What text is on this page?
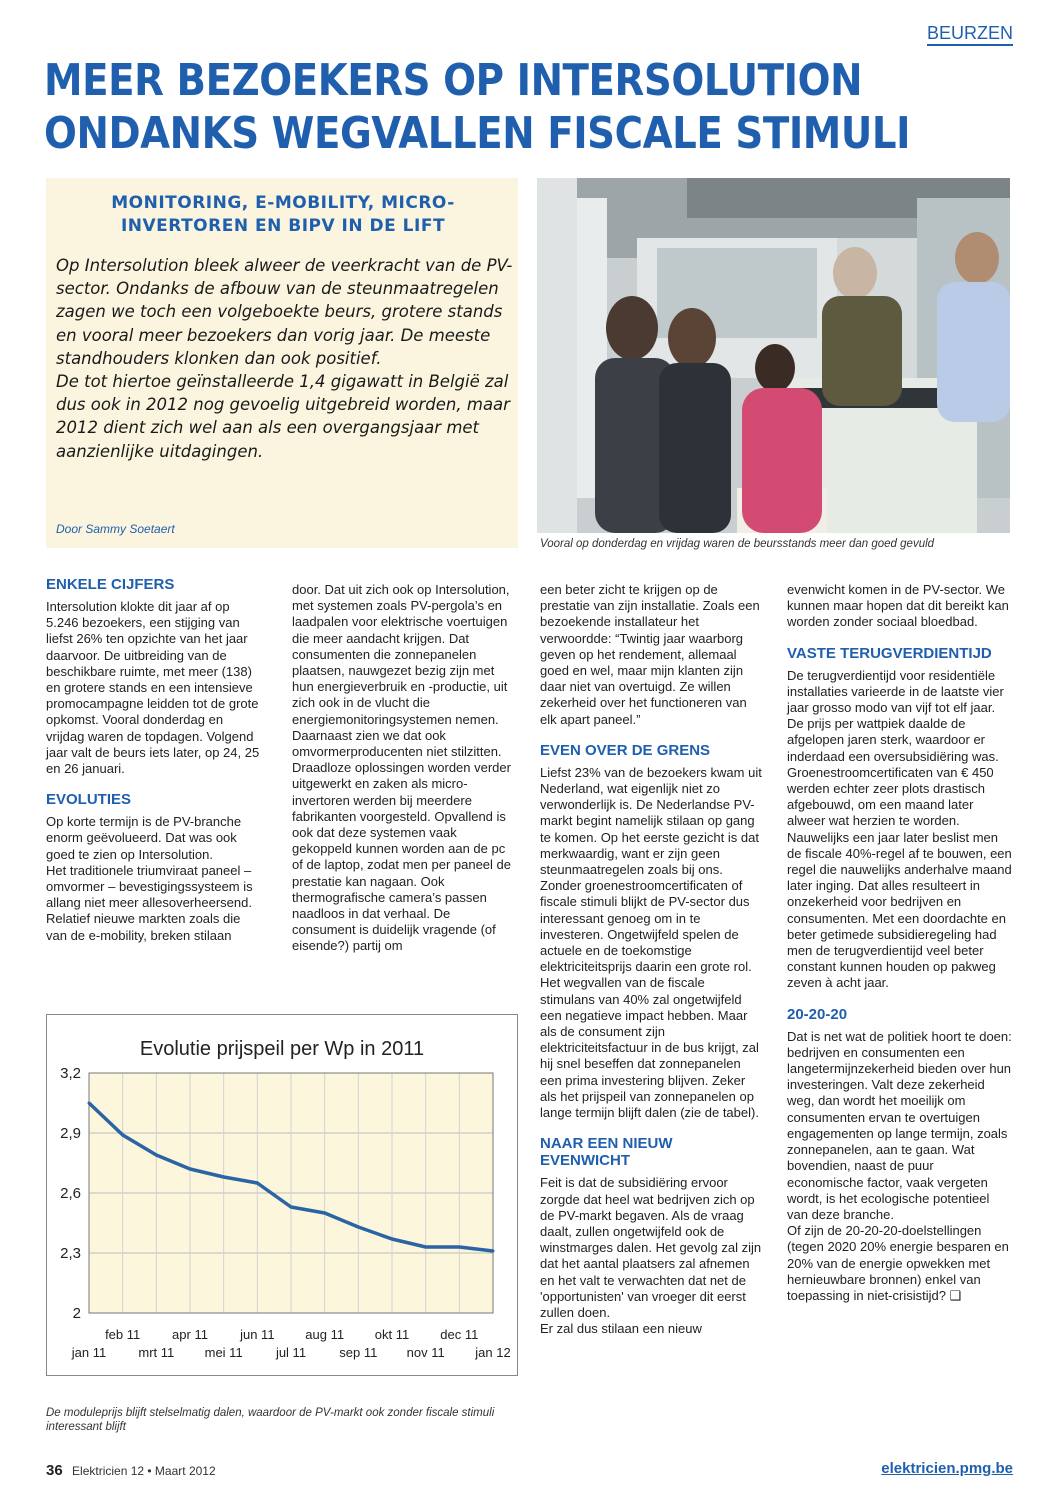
BEURZEN
MEER BEZOEKERS OP INTERSOLUTION
ONDANKS WEGVALLEN FISCALE STIMULI
MONITORING, E-MOBILITY, MICRO-INVERTOREN EN BIPV IN DE LIFT

Op Intersolution bleek alweer de veerkracht van de PV-sector. Ondanks de afbouw van de steunmaatregelen zagen we toch een volgeboekte beurs, grotere stands en vooral meer bezoekers dan vorig jaar. De meeste standhouders klonken dan ook positief.
De tot hiertoe geïnstalleerde 1,4 gigawatt in België zal dus ook in 2012 nog gevoelig uitgebreid worden, maar 2012 dient zich wel aan als een overgangsjaar met aanzienlijke uitdagingen.

Door Sammy Soetaert
Vooral op donderdag en vrijdag waren de beursstands meer dan goed gevuld
ENKELE CIJFERS

Intersolution klokte dit jaar af op 5.246 bezoekers, een stijging van liefst 26% ten opzichte van het jaar daarvoor. De uitbreiding van de beschikbare ruimte, met meer (138) en grotere stands en een intensieve promocampagne leidden tot de grote opkomst. Vooral donderdag en vrijdag waren de topdagen. Volgend jaar valt de beurs iets later, op 24, 25 en 26 januari.

EVOLUTIES

Op korte termijn is de PV-branche enorm geëvolueerd. Dat was ook goed te zien op Intersolution.
Het traditionele triumviraat paneel – omvormer – bevestigingssysteem is allang niet meer allesoverheersend. Relatief nieuwe markten zoals die van de e-mobility, breken stilaan

door. Dat uit zich ook op Intersolution, met systemen zoals PV-pergola’s en laadpalen voor elektrische voertuigen die meer aandacht krijgen. Dat consumenten die zonnepanelen plaatsen, nauwgezet bezig zijn met hun energieverbruik en -productie, uit zich ook in de vlucht die energiemonitoringsystemen nemen. Daarnaast zien we dat ook omvormerproducenten niet stilzitten. Draadloze oplossingen worden verder uitgewerkt en zaken als micro-invertoren werden bij meerdere fabrikanten voorgesteld. Opvallend is ook dat deze systemen vaak gekoppeld kunnen worden aan de pc of de laptop, zodat men per paneel de prestatie kan nagaan. Ook thermografische camera’s passen naadloos in dat verhaal. De consument is duidelijk vragende (of eisende?) partij om

een beter zicht te krijgen op de prestatie van zijn installatie. Zoals een bezoekende installateur het verwoordde: “Twintig jaar waarborg geven op het rendement, allemaal goed en wel, maar mijn klanten zijn daar niet van overtuigd. Ze willen zekerheid over het functioneren van elk apart paneel.”

EVEN OVER DE GRENS

Liefst 23% van de bezoekers kwam uit Nederland, wat eigenlijk niet zo verwonderlijk is. De Nederlandse PV-markt begint namelijk stilaan op gang te komen. Op het eerste gezicht is dat merkwaardig, want er zijn geen steunmaatregelen zoals bij ons. Zonder groenestroomcertificaten of fiscale stimuli blijkt de PV-sector dus interessant genoeg om in te investeren. Ongetwijfeld spelen de actuele en de toekomstige elektriciteitsprijs daarin een grote rol. Het wegvallen van de fiscale stimulans van 40% zal ongetwijfeld een negatieve impact hebben. Maar als de consument zijn elektriciteitsfactuur in de bus krijgt, zal hij snel beseffen dat zonnepanelen een prima investering blijven. Zeker als het prijspeil van zonnepanelen op lange termijn blijft dalen (zie de tabel).

NAAR EEN NIEUW EVENWICHT

Feit is dat de subsidiëring ervoor zorgde dat heel wat bedrijven zich op de PV-markt begaven. Als de vraag daalt, zullen ongetwijfeld ook de winstmarges dalen. Het gevolg zal zijn dat het aantal plaatsers zal afnemen en het valt te verwachten dat net de 'opportunisten' van vroeger dit eerst zullen doen.
Er zal dus stilaan een nieuw

evenwicht komen in de PV-sector. We kunnen maar hopen dat dit bereikt kan worden zonder sociaal bloedbad.

VASTE TERUGVERDIENTIJD

De terugverdientijd voor residentiële installaties varieerde in de laatste vier jaar grosso modo van vijf tot elf jaar. De prijs per wattpiek daalde de afgelopen jaren sterk, waardoor er inderdaad een oversubsidiëring was. Groenestroomcertificaten van € 450 werden echter zeer plots drastisch afgebouwd, om een maand later alweer wat herzien te worden. Nauwelijks een jaar later beslist men de fiscale 40%-regel af te bouwen, een regel die nauwelijks anderhalve maand later inging. Dat alles resulteert in onzekerheid voor bedrijven en consumenten. Met een doordachte en beter getimede subsidieregeling had men de terugverdientijd veel beter constant kunnen houden op pakweg zeven à acht jaar.

20-20-20

Dat is net wat de politiek hoort te doen: bedrijven en consumenten een langetermijnzekerheid bieden over hun investeringen. Valt deze zekerheid weg, dan wordt het moeilijk om consumenten ervan te overtuigen engagementen op lange termijn, zoals zonnepanelen, aan te gaan. Wat bovendien, naast de puur economische factor, vaak vergeten wordt, is het ecologische potentieel van deze branche.
Of zijn de 20-20-20-doelstellingen (tegen 2020 20% energie besparen en 20% van de energie opwekken met hernieuwbare bronnen) enkel van toepassing in niet-crisistijd? ❑

Evolutie prijspeil per Wp in 2011
3,2
2,9
2,6
2,3
2
jan 11
feb 11
mrt 11
apr 11
mei 11
jun 11
jul 11
aug 11
sep 11
okt 11
nov 11
dec 11
jan 12
De moduleprijs blijft stelselmatig dalen, waardoor de PV-markt ook zonder fiscale stimuli interessant blijft
36 Elektricien 12 • Maart 2012	elektricien.pmg.be
